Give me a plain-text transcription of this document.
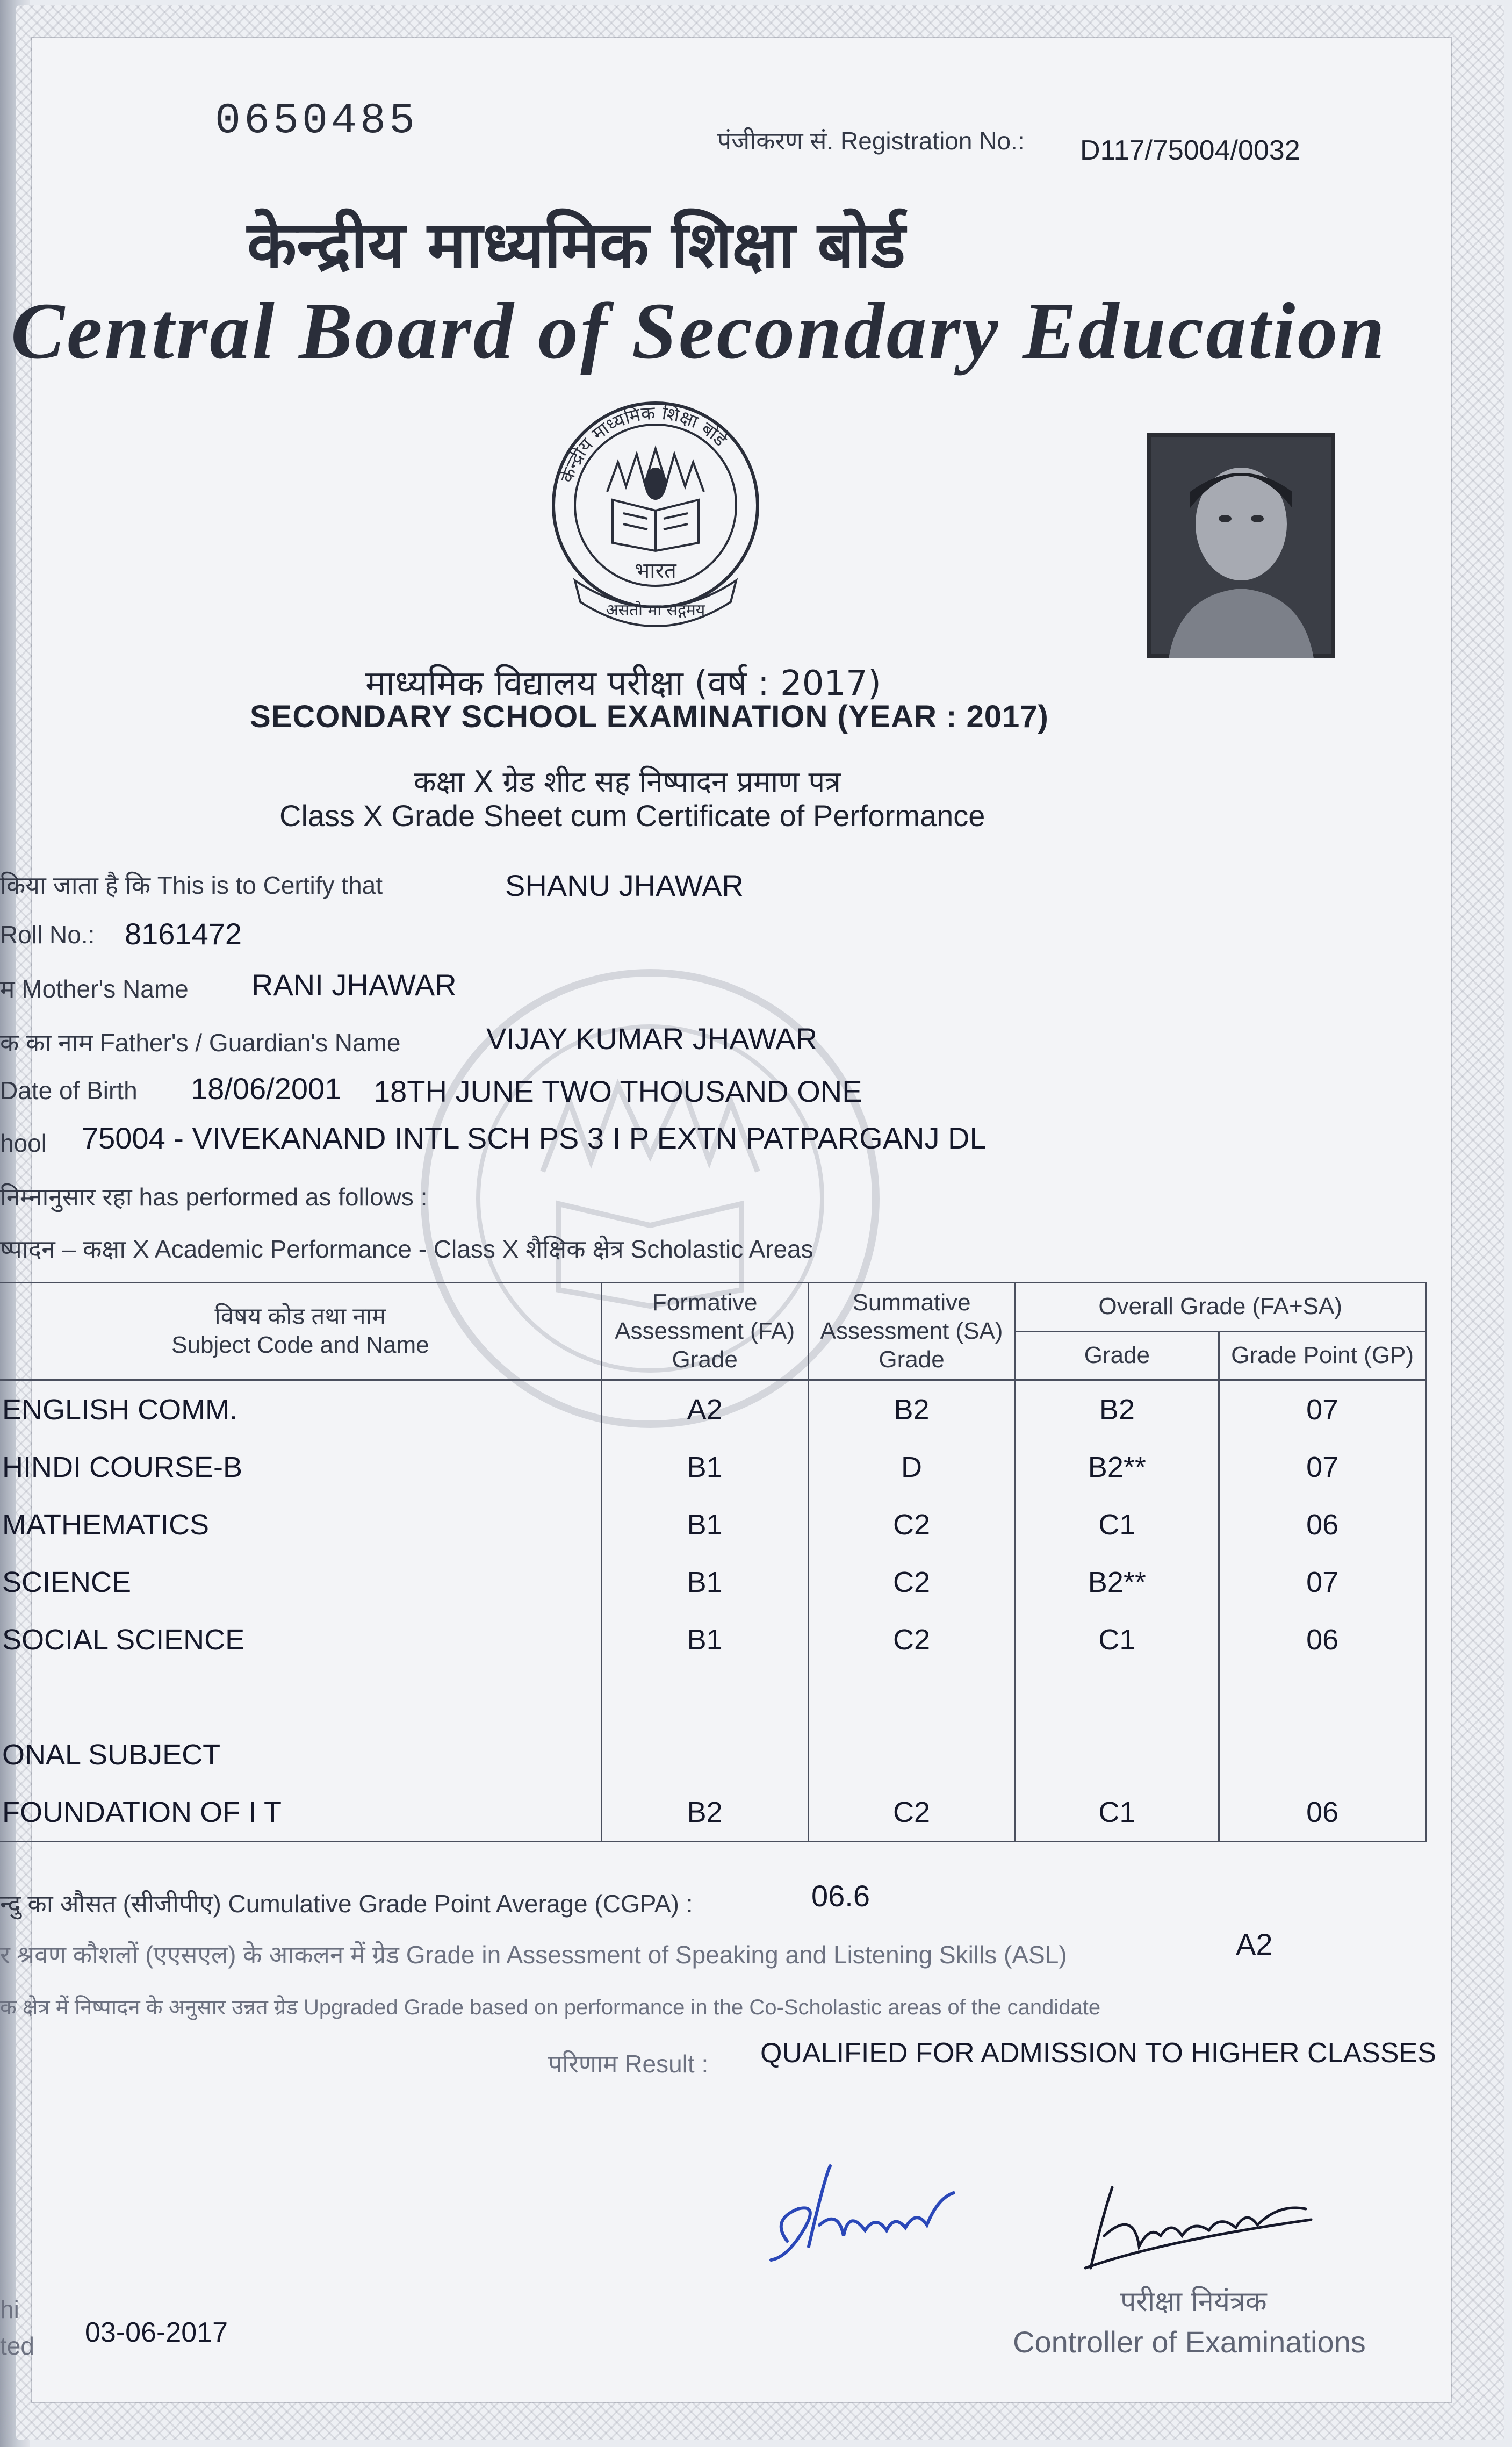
0650485	पंजीकरण सं. Registration No.: D117/75004/0032
केन्द्रीय माध्यमिक शिक्षा बोर्ड
Central Board of Secondary Education
केन्द्रीय माध्यमिक शिक्षा बोर्ड
भारत
असतो मा सद्गमय
माध्यमिक विद्यालय परीक्षा (वर्ष : 2017)
SECONDARY SCHOOL EXAMINATION (YEAR : 2017)
कक्षा X ग्रेड शीट सह निष्पादन प्रमाण पत्र
Class X Grade Sheet cum Certificate of Performance
किया जाता है कि This is to Certify that	SHANU JHAWAR
Roll No.: 8161472
म Mother's Name RANI JHAWAR
क का नाम Father's / Guardian's Name	VIJAY KUMAR JHAWAR
Date of Birth 18/06/2001 18TH JUNE TWO THOUSAND ONE
hool 75004 - VIVEKANAND INTL SCH PS 3 I P EXTN PATPARGANJ DL
निम्नानुसार रहा has performed as follows :
ष्पादन – कक्षा X Academic Performance - Class X शैक्षिक क्षेत्र Scholastic Areas
विषय कोड तथा नाम
Subject Code and Name	Formative Assessment (FA) Grade	Summative Assessment (SA) Grade	Overall Grade (FA+SA)	
			Grade	Grade Point (GP)
ENGLISH COMM.	A2	B2	B2	07
HINDI COURSE-B	B1	D	B2**	07
MATHEMATICS	B1	C2	C1	06
SCIENCE	B1	C2	B2**	07
SOCIAL SCIENCE	B1	C2	C1	06

ONAL SUBJECT				
FOUNDATION OF I T	B2	C2	C1	06
न्दु का औसत (सीजीपीए) Cumulative Grade Point Average (CGPA) :	06.6
र श्रवण कौशलों (एएसएल) के आकलन में ग्रेड Grade in Assessment of Speaking and Listening Skills (ASL)	A2
क क्षेत्र में निष्पादन के अनुसार उन्नत ग्रेड Upgraded Grade based on performance in the Co-Scholastic areas of the candidate
परिणाम Result : QUALIFIED FOR ADMISSION TO HIGHER CLASSES
hi
ted 03-06-2017
परीक्षा नियंत्रक
Controller of Examinations
